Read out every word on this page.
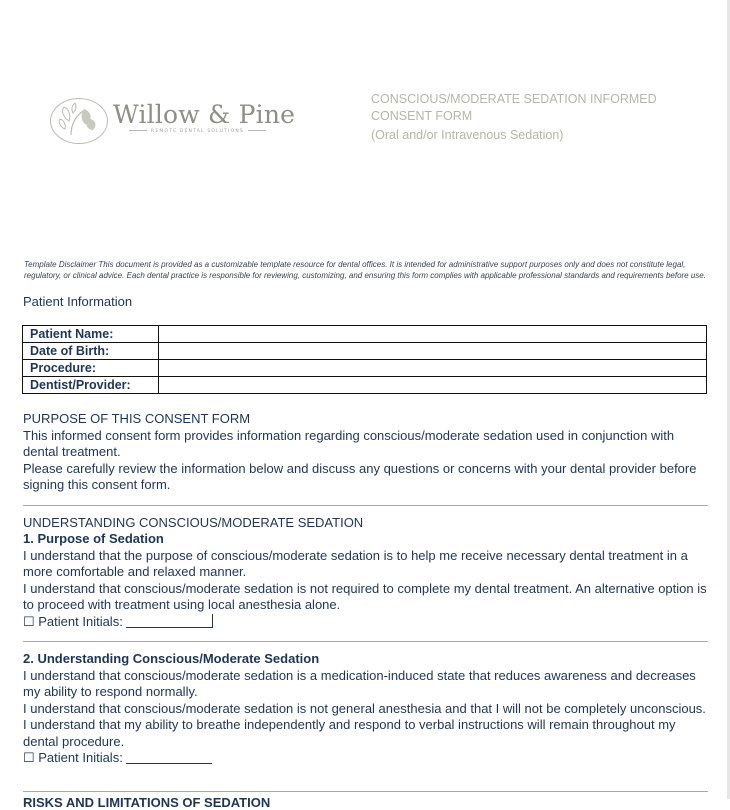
Willow & Pine
REMOTE DENTAL SOLUTIONS
CONSCIOUS/MODERATE SEDATION INFORMED CONSENT FORM
(Oral and/or Intravenous Sedation)
Template Disclaimer This document is provided as a customizable template resource for dental offices. It is intended for administrative support purposes only and does not constitute legal, regulatory, or clinical advice. Each dental practice is responsible for reviewing, customizing, and ensuring this form complies with applicable professional standards and requirements before use.
Patient Information
Patient Name:	
Date of Birth:	
Procedure:	
Dentist/Provider:	

PURPOSE OF THIS CONSENT FORM

This informed consent form provides information regarding conscious/moderate sedation used in conjunction with dental treatment.

Please carefully review the information below and discuss any questions or concerns with your dental provider before signing this consent form.

UNDERSTANDING CONSCIOUS/MODERATE SEDATION

1. Purpose of Sedation

I understand that the purpose of conscious/moderate sedation is to help me receive necessary dental treatment in a more comfortable and relaxed manner.

I understand that conscious/moderate sedation is not required to complete my dental treatment. An alternative option is to proceed with treatment using local anesthesia alone.

☐ Patient Initials:

2. Understanding Conscious/Moderate Sedation

I understand that conscious/moderate sedation is a medication-induced state that reduces awareness and decreases my ability to respond normally.

I understand that conscious/moderate sedation is not general anesthesia and that I will not be completely unconscious.

I understand that my ability to breathe independently and respond to verbal instructions will remain throughout my dental procedure.

☐ Patient Initials:

RISKS AND LIMITATIONS OF SEDATION
